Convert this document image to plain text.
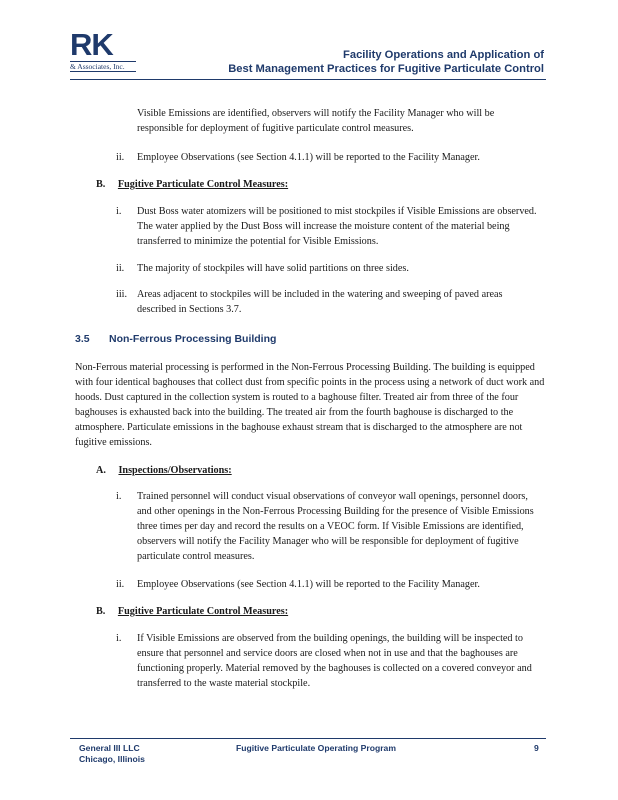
RK
& Associates, Inc.
Facility Operations and Application of
Best Management Practices for Fugitive Particulate Control

Visible Emissions are identified, observers will notify the Facility Manager who will be responsible for deployment of fugitive particulate control measures.

ii. Employee Observations (see Section 4.1.1) will be reported to the Facility Manager.

B. Fugitive Particulate Control Measures:
i. Dust Boss water atomizers will be positioned to mist stockpiles if Visible Emissions are observed. The water applied by the Dust Boss will increase the moisture content of the material being transferred to minimize the potential for Visible Emissions.

ii. The majority of stockpiles will have solid partitions on three sides.

iii. Areas adjacent to stockpiles will be included in the watering and sweeping of paved areas described in Sections 3.7.

3.5 Non-Ferrous Processing Building

Non-Ferrous material processing is performed in the Non-Ferrous Processing Building. The building is equipped with four identical baghouses that collect dust from specific points in the process using a network of duct work and hoods. Dust captured in the collection system is routed to a baghouse filter. Treated air from three of the four baghouses is exhausted back into the building. The treated air from the fourth baghouse is discharged to the atmosphere. Particulate emissions in the baghouse exhaust stream that is discharged to the atmosphere are not fugitive emissions.

A. Inspections/Observations:
i. Trained personnel will conduct visual observations of conveyor wall openings, personnel doors, and other openings in the Non-Ferrous Processing Building for the presence of Visible Emissions three times per day and record the results on a VEOC form. If Visible Emissions are identified, observers will notify the Facility Manager who will be responsible for deployment of fugitive particulate control measures.

ii. Employee Observations (see Section 4.1.1) will be reported to the Facility Manager.

B. Fugitive Particulate Control Measures:
i. If Visible Emissions are observed from the building openings, the building will be inspected to ensure that personnel and service doors are closed when not in use and that the baghouses are functioning properly. Material removed by the baghouses is collected on a covered conveyor and transferred to the waste material stockpile.

General III LLC
Chicago, Illinois
Fugitive Particulate Operating Program	9
